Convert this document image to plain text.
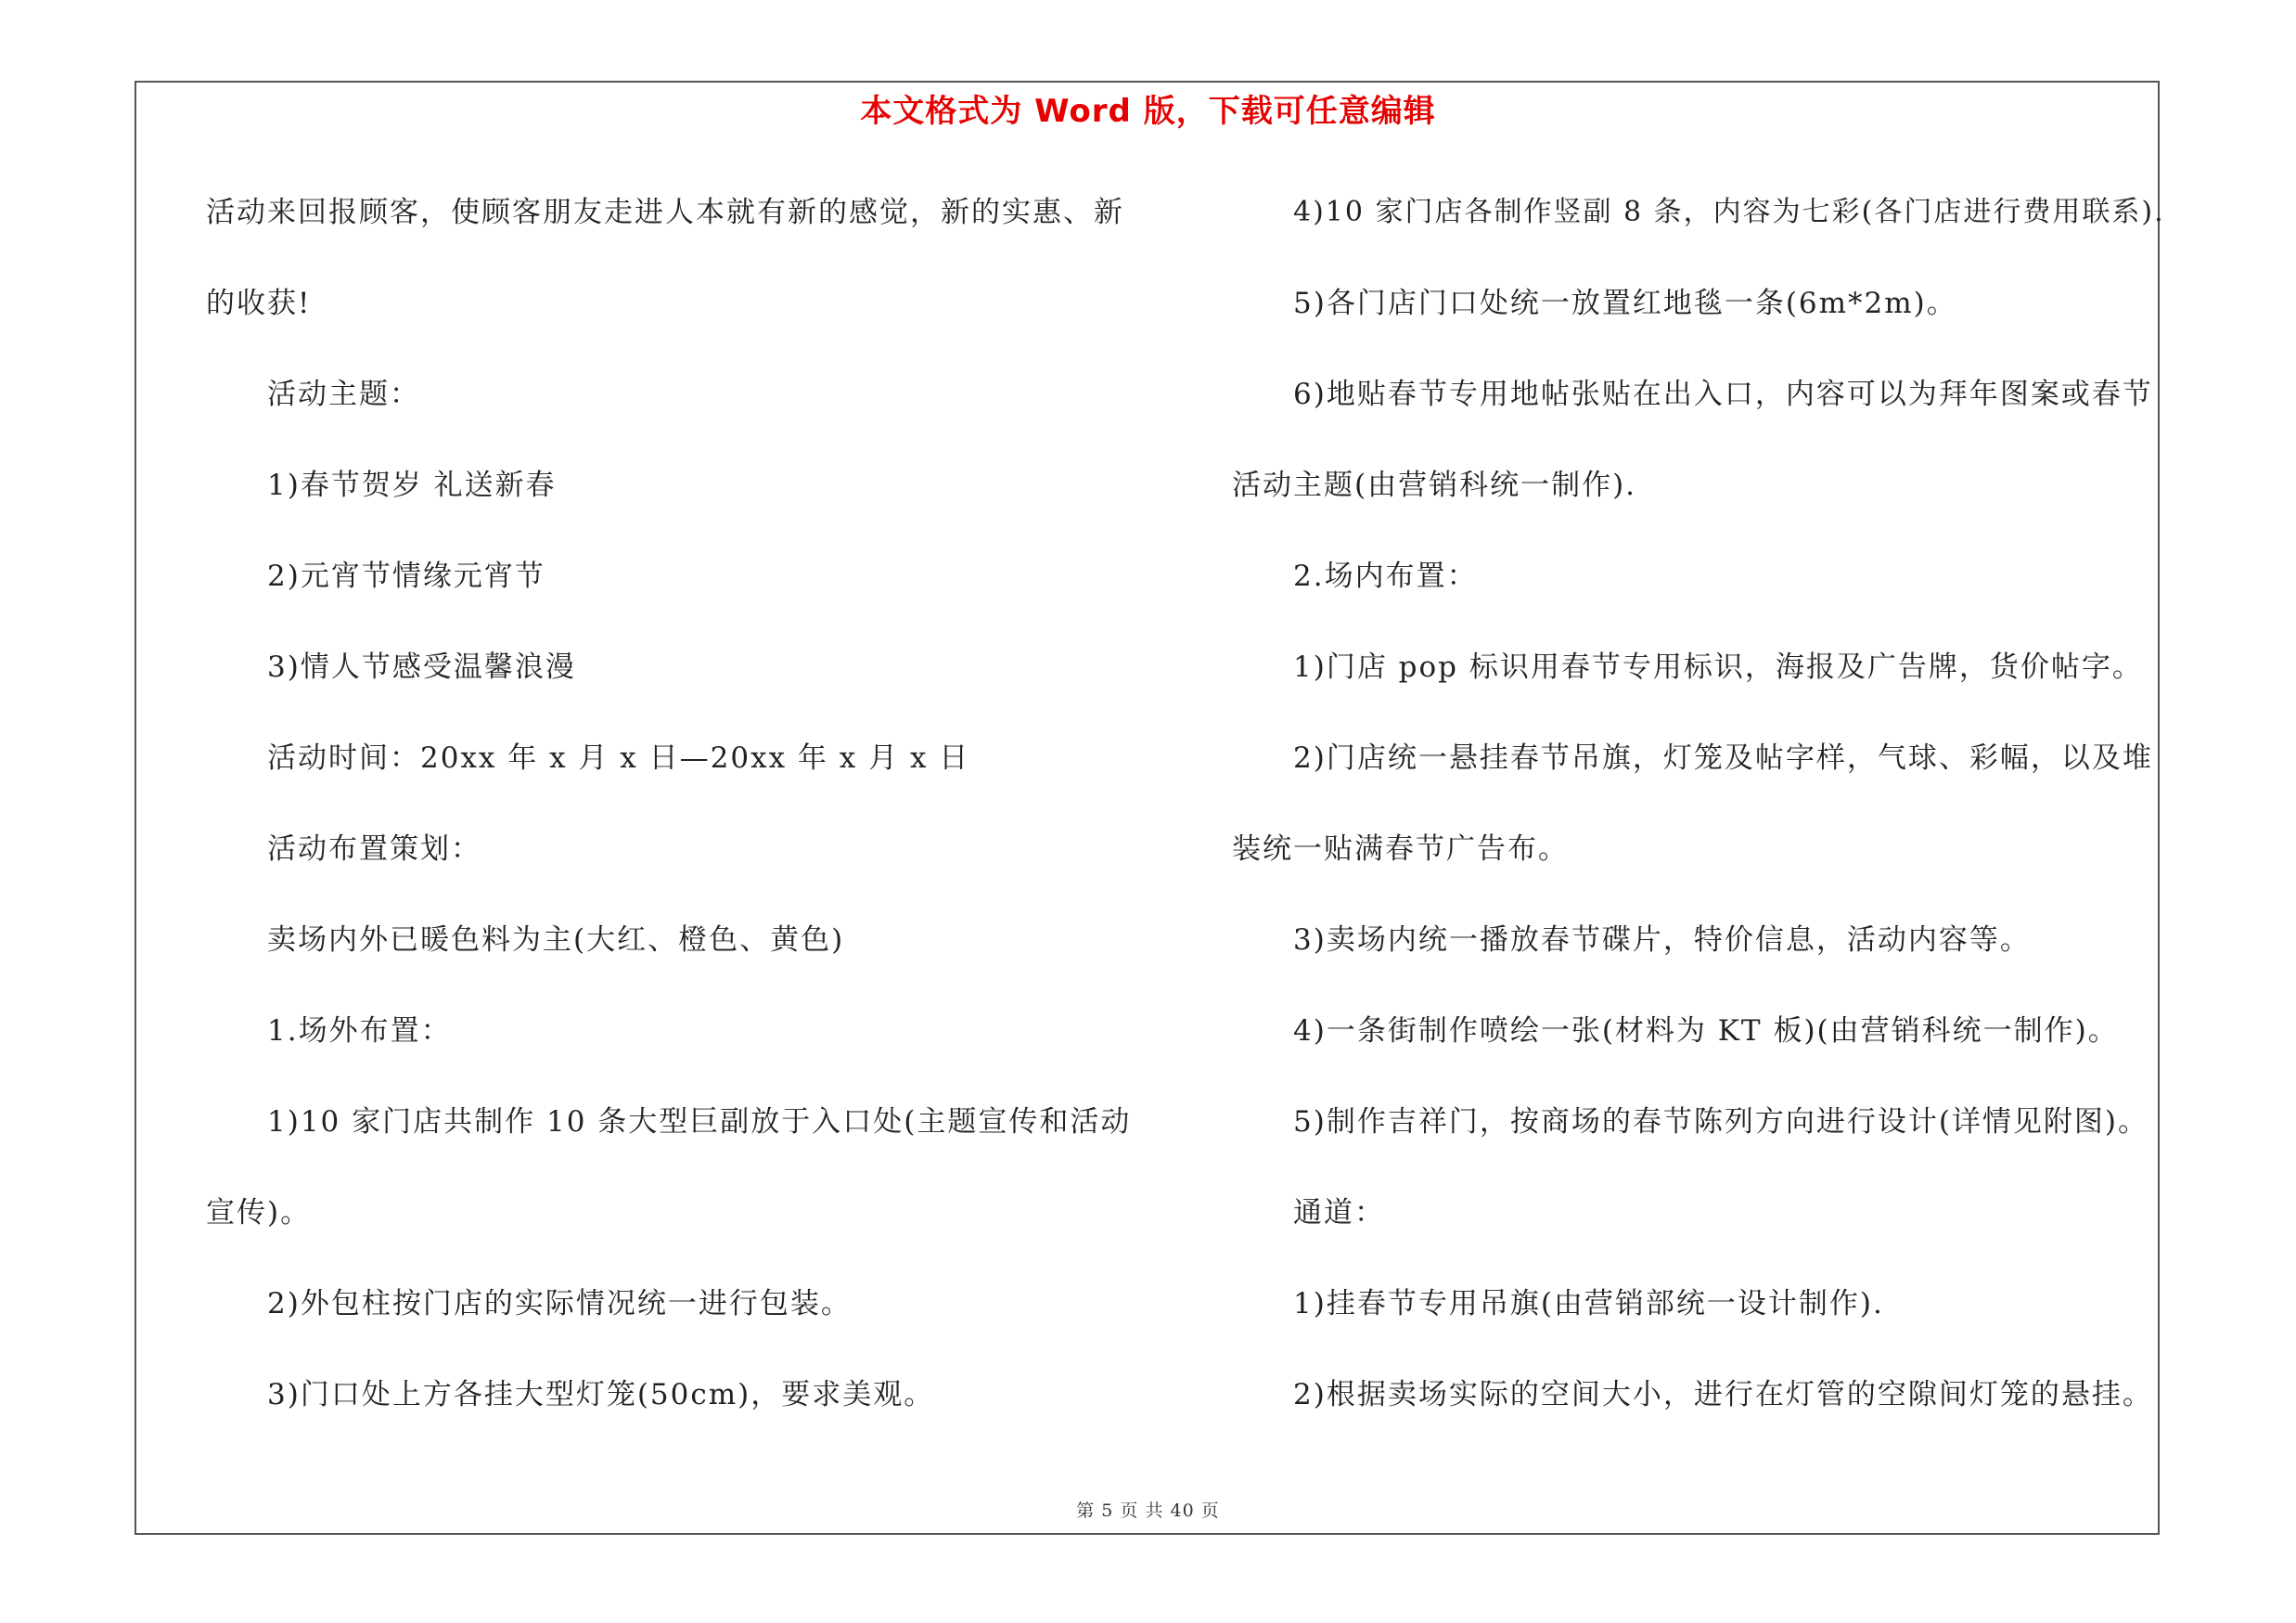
本文格式为 Word 版，下载可任意编辑
活动来回报顾客，使顾客朋友走进人本就有新的感觉，新的实惠、新
的收获!
活动主题：
1)春节贺岁 礼送新春
2)元宵节情缘元宵节
3)情人节感受温馨浪漫
活动时间：20xx 年 x 月 x 日—20xx 年 x 月 x 日
活动布置策划：
卖场内外已暖色料为主(大红、橙色、黄色)
1.场外布置：
1)10 家门店共制作 10 条大型巨副放于入口处(主题宣传和活动
宣传)。
2)外包柱按门店的实际情况统一进行包装。
3)门口处上方各挂大型灯笼(50cm)，要求美观。
4)10 家门店各制作竖副 8 条，内容为七彩(各门店进行费用联系).
5)各门店门口处统一放置红地毯一条(6m*2m)。
6)地贴春节专用地帖张贴在出入口，内容可以为拜年图案或春节
活动主题(由营销科统一制作).
2.场内布置：
1)门店 pop 标识用春节专用标识，海报及广告牌，货价帖字。
2)门店统一悬挂春节吊旗，灯笼及帖字样，气球、彩幅，以及堆
装统一贴满春节广告布。
3)卖场内统一播放春节碟片，特价信息，活动内容等。
4)一条街制作喷绘一张(材料为 KT 板)(由营销科统一制作)。
5)制作吉祥门，按商场的春节陈列方向进行设计(详情见附图)。
通道：
1)挂春节专用吊旗(由营销部统一设计制作).
2)根据卖场实际的空间大小，进行在灯管的空隙间灯笼的悬挂。
第 5 页 共 40 页
